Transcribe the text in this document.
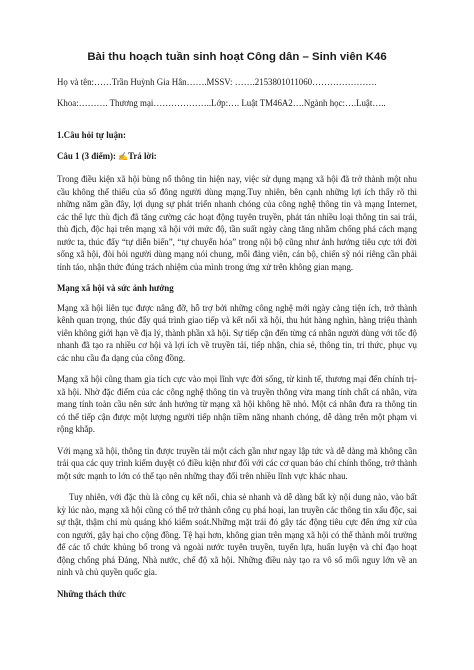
Bài thu hoạch tuần sinh hoạt Công dân – Sinh viên K46
Họ và tên:……Trần Huỳnh Gia Hân…….MSSV: …….2153801011060………………….
Khoa:………. Thương mại………………..Lớp:…. Luật TM46A2….Ngành học:….Luật…..
1.Câu hỏi tự luận:
Câu 1 (3 điểm): ✍Trả lời:

Trong điều kiện xã hội bùng nổ thông tin hiện nay, việc sử dụng mạng xã hội đã trở thành một nhu cầu không thể thiếu của số đông người dùng mạng.Tuy nhiên, bên cạnh những lợi ích thấy rõ thì những năm gần đây, lợi dụng sự phát triển nhanh chóng của công nghệ thông tin và mạng Internet, các thế lực thù địch đã tăng cường các hoạt động tuyên truyền, phát tán nhiều loại thông tin sai trái, thù địch, độc hại trên mạng xã hội với mức độ, tần suất ngày càng tăng nhằm chống phá cách mạng nước ta, thúc đẩy “tự diễn biến”, “tự chuyển hóa” trong nội bộ cũng như ảnh hưởng tiêu cực tới đời sống xã hội, đòi hỏi người dùng mạng nói chung, mỗi đảng viên, cán bộ, chiến sỹ nói riêng cần phải tỉnh táo, nhận thức đúng trách nhiệm của mình trong ứng xử trên không gian mạng.

Mạng xã hội và sức ảnh hưởng

Mạng xã hội liên tục được nâng đỡ, hỗ trợ bởi những công nghệ mới ngày càng tiện ích, trở thành kênh quan trọng, thúc đẩy quá trình giao tiếp và kết nối xã hội, thu hút hàng nghìn, hàng triệu thành viên không giới hạn về địa lý, thành phần xã hội. Sự tiếp cận đến từng cá nhân người dùng với tốc độ nhanh đã tạo ra nhiều cơ hội và lợi ích về truyền tải, tiếp nhận, chia sẻ, thông tin, tri thức, phục vụ các nhu cầu đa dạng của công đồng.

Mạng xã hội cũng tham gia tích cực vào mọi lĩnh vực đời sống, từ kinh tế, thương mại đến chính trị-xã hội. Nhờ đặc điểm của các công nghệ thông tin và truyền thông vừa mang tính chất cá nhân, vừa mang tính toàn cầu nên sức ảnh hưởng từ mạng xã hội không hề nhỏ. Một cá nhân đưa ra thông tin có thể tiếp cận được một lượng người tiếp nhận tiềm năng nhanh chóng, dễ dàng trên một phạm vi rộng khắp.

Với mạng xã hội, thông tin được truyền tải một cách gần như ngay lập tức và dễ dàng mà không cần trải qua các quy trình kiểm duyệt có điều kiện như đối với các cơ quan báo chí chính thống, trở thành một sức mạnh to lớn có thể tạo nên những thay đổi trên nhiều lĩnh vực khác nhau.

Tuy nhiên, với đặc thù là công cụ kết nối, chia sẻ nhanh và dễ dàng bất kỳ nội dung nào, vào bất kỳ lúc nào, mạng xã hội cũng có thể trở thành công cụ phá hoại, lan truyền các thông tin xấu độc, sai sự thật, thậm chí mù quáng khó kiểm soát.Những mặt trái đó gây tác động tiêu cực đến ứng xử của con người, gây hại cho cộng đồng. Tệ hại hơn, không gian trên mạng xã hội có thể thành môi trường để các tổ chức khủng bố trong và ngoài nước tuyên truyền, tuyển lựa, huấn luyện và chỉ đạo hoạt động chống phá Đảng, Nhà nước, chế độ xã hội. Những điều này tạo ra vô số mối nguy lớn về an ninh và chủ quyền quốc gia.

Những thách thức
